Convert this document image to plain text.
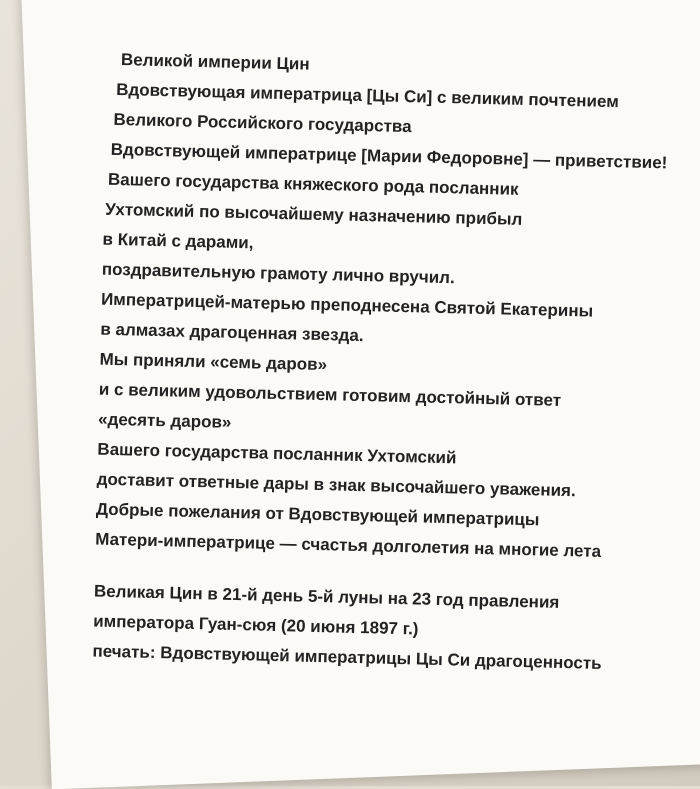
Великой империи Цин
Вдовствующая императрица [Цы Си] с великим почтением
Великого Российского государства
Вдовствующей императрице [Марии Федоровне] — приветствие!
Вашего государства княжеского рода посланник
Ухтомский по высочайшему назначению прибыл
в Китай с дарами,
поздравительную грамоту лично вручил.
Императрицей-матерью преподнесена Святой Екатерины
в алмазах драгоценная звезда.
Мы приняли «семь даров»
и с великим удовольствием готовим достойный ответ
«десять даров»
Вашего государства посланник Ухтомский
доставит ответные дары в знак высочайшего уважения.
Добрые пожелания от Вдовствующей императрицы
Матери-императрице — счастья долголетия на многие лета
Великая Цин в 21-й день 5-й луны на 23 год правления
императора Гуан-сюя (20 июня 1897 г.)
печать: Вдовствующей императрицы Цы Си драгоценность
